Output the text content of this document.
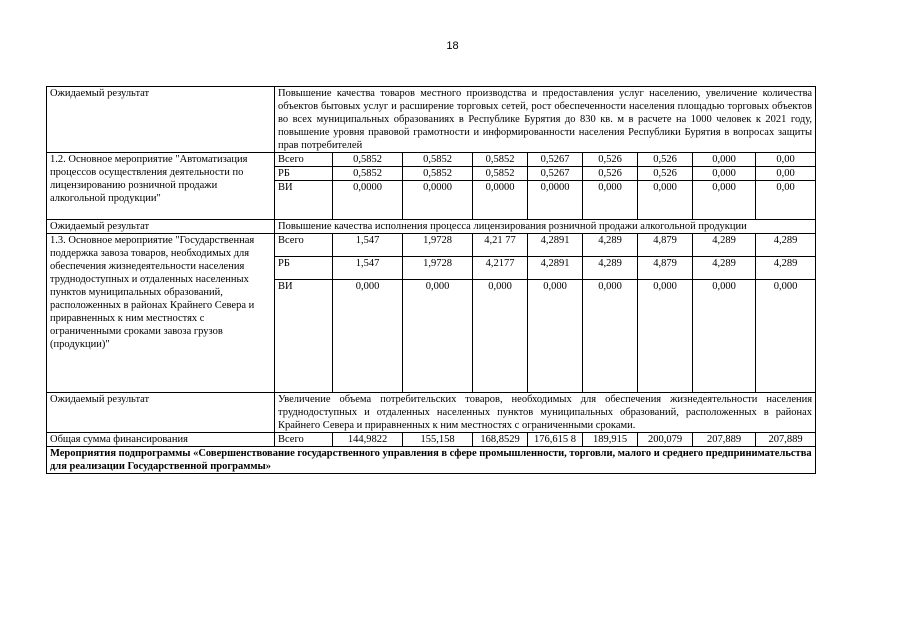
18
Ожидаемый результат	Повышение качества товаров местного производства и предоставления услуг населению, увеличение количества объектов бытовых услуг и расширение торговых сетей, рост обеспеченности населения площадью торговых объектов во всех муниципальных образованиях в Республике Бурятия до 830 кв. м в расчете на 1000 человек к 2021 году, повышение уровня правовой грамотности и информированности населения Республики Бурятия в вопросах защиты прав потребителей								
1.2. Основное мероприятие "Автоматизация процессов осуществления деятельности по лицензированию розничной продажи алкогольной продукции"	Всего	0,5852	0,5852	0,5852	0,5267	0,526	0,526	0,000	0,00
	РБ	0,5852	0,5852	0,5852	0,5267	0,526	0,526	0,000	0,00
	ВИ	0,0000	0,0000	0,0000	0,0000	0,000	0,000	0,000	0,00
Ожидаемый результат	Повышение качества исполнения процесса лицензирования розничной продажи алкогольной продукции								
1.3. Основное мероприятие "Государственная поддержка завоза товаров, необходимых для обеспечения жизнедеятельности населения труднодоступных и отдаленных населенных пунктов муниципальных образований, расположенных в районах Крайнего Севера и приравненных к ним местностях с ограниченными сроками завоза грузов (продукции)"	Всего	1,547	1,9728	4,21 77	4,2891	4,289	4,879	4,289	4,289
	РБ	1,547	1,9728	4,2177	4,2891	4,289	4,879	4,289	4,289
	ВИ	0,000	0,000	0,000	0,000	0,000	0,000	0,000	0,000
Ожидаемый результат	Увеличение объема потребительских товаров, необходимых для обеспечения жизнедеятельности населения труднодоступных и отдаленных населенных пунктов муниципальных образований, расположенных в районах Крайнего Севера и приравненных к ним местностях с ограниченными сроками.								
Общая сумма финансирования	Всего	144,9822	155,158	168,8529	176,615 8	189,915	200,079	207,889	207,889
Мероприятия подпрограммы «Совершенствование государственного управления в сфере промышленности, торговли, малого и среднего предпринимательства для реализации Государственной программы»									
